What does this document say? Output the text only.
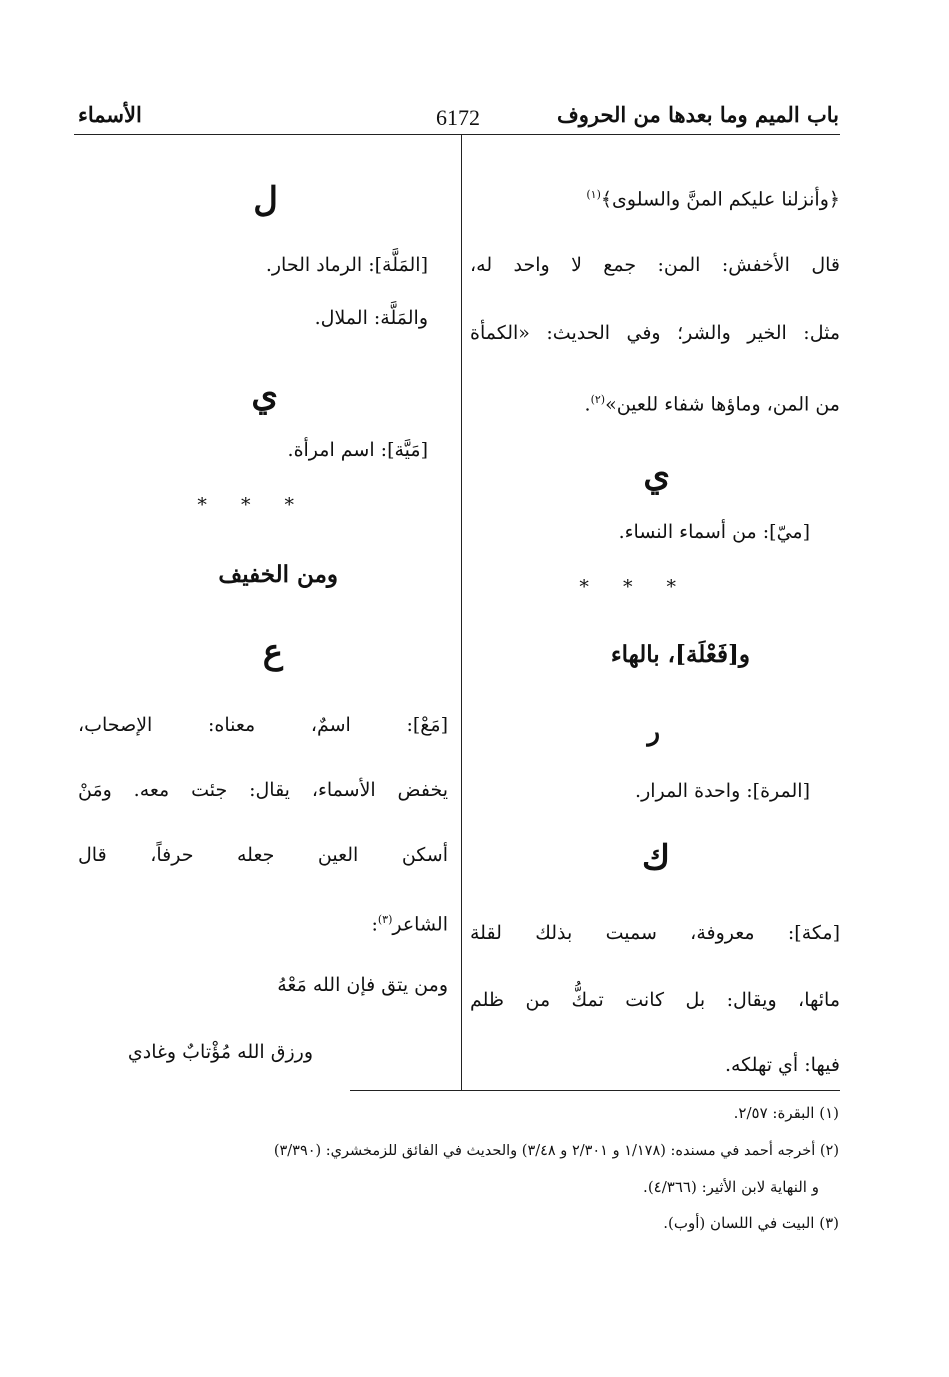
باب الميم وما بعدها من الحروف
6172
الأسماء
﴿وأنزلنا عليكم المنَّ والسلوى﴾$^{(١)}$
قال الأخفش: المن: جمع لا واحد له،
مثل: الخير والشر؛ وفي الحديث: «الكمأة
من المن، وماؤها شفاء للعين»$^{(٢)}$.
ي
[ميّ]: من أسماء النساء.
* * *
و[فَعْلَة]، بالهاء
ر
[المرة]: واحدة المرار.
ك
[مكة]: معروفة، سميت بذلك لقلة
مائها، ويقال: بل كانت تمكُّ من ظلم
فيها: أي تهلكه.
ل
[المَلَّة]: الرماد الحار.
والمَلَّة: الملال.
ي
[مَيَّة]: اسم امرأة.
* * *
ومن الخفيف
ع
[مَعْ]: اسمٌ، معناه: الإصحاب،
يخفض الأسماء، يقال: جئت معه. ومَنْ
أسكن العين جعله حرفاً، قال
الشاعر$^{(٣)}$:
ومن يتق فإن الله مَعْهُ
ورزق الله مُؤْتابٌ وغادي
(١) البقرة: ٢/٥٧.
(٢) أخرجه أحمد في مسنده: (١/١٧٨ و ٢/٣٠١ و ٣/٤٨) والحديث في الفائق للزمخشري: (٣/٣٩٠)
و النهاية لابن الأثير: (٤/٣٦٦).
(٣) البيت في اللسان (أوب).
